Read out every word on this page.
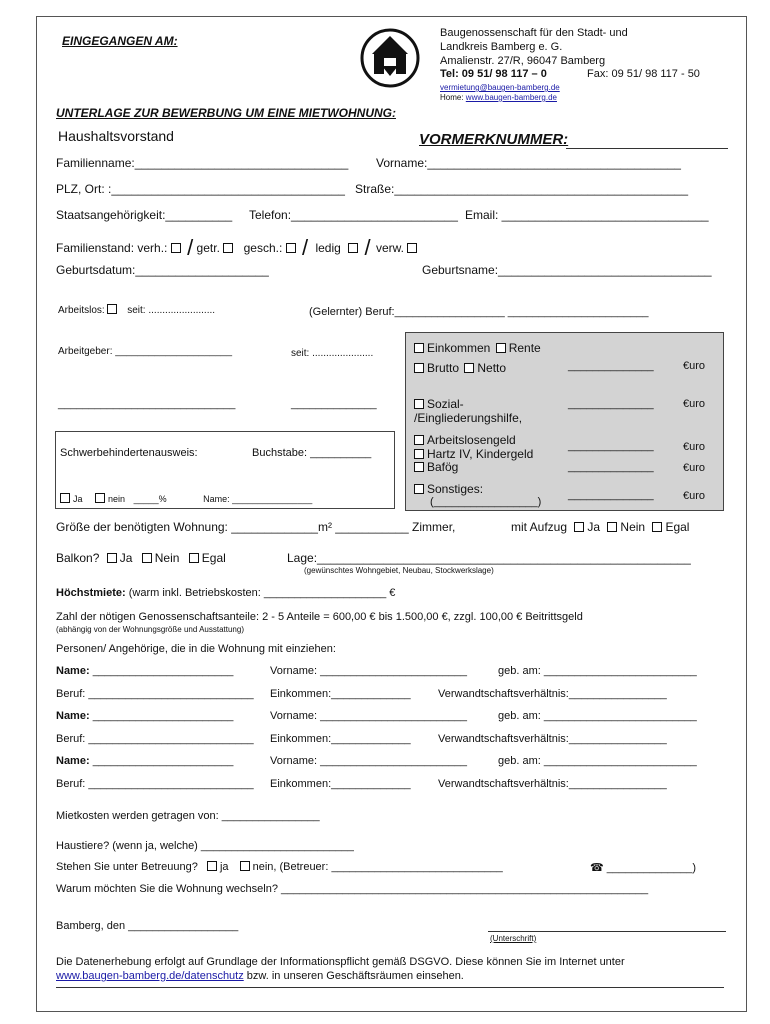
EINGEGANGEN AM:
Baugenossenschaft für den Stadt- und
Landkreis Bamberg e. G.
Amalienstr. 27/R, 96047 Bamberg
Tel: 09 51/ 98 117 – 0	Fax: 09 51/ 98 117 - 50
vermietung@baugen-bamberg.de
Home: www.baugen-bamberg.de
UNTERLAGE ZUR BEWERBUNG UM EINE MIETWOHNUNG:
Haushaltsvorstand	VORMERKNUMMER:
Familienname:________________________________ Vorname:______________________________________
PLZ, Ort: :___________________________________ Straße:____________________________________________
Staatsangehörigkeit:__________ Telefon:_________________________ Email: _______________________________
Familienstand: verh.: / getr. gesch.: / ledig / verw.
Geburtsdatum:____________________	Geburtsname:________________________________
Arbeitslos: seit: ........................	(Gelernter) Beruf:__________________ _______________________
Arbeitgeber: _____________________	seit: ......................
_____________________________	______________
Schwerbehindertenausweis:	Buchstabe: __________
Ja	nein _____%	Name: ________________
Einkommen Rente
Brutto Netto	______________	€uro
Sozial-
/Eingliederungshilfe,
______________	€uro
Arbeitslosengeld
Hartz IV, Kindergeld
Bafög
______________	€uro
______________	€uro
Sonstiges:
(_________________)
______________	€uro
Größe der benötigten Wohnung: _____________m² ___________ Zimmer,	mit Aufzug Ja Nein Egal
Balkon? Ja Nein Egal	Lage:________________________________________________________
(gewünschtes Wohngebiet, Neubau, Stockwerkslage)
Höchstmiete: (warm inkl. Betriebskosten: ____________________ €
Zahl der nötigen Genossenschaftsanteile: 2 - 5 Anteile = 600,00 € bis 1.500,00 €, zzgl. 100,00 € Beitrittsgeld
(abhängig von der Wohnungsgröße und Ausstattung)
Personen/ Angehörige, die in die Wohnung mit einziehen:
Name: _______________________	Vorname: ________________________	geb. am: _________________________
Beruf: ___________________________ Einkommen:_____________ Verwandtschaftsverhältnis:________________
Name: _______________________	Vorname: ________________________	geb. am: _________________________
Beruf: ___________________________ Einkommen:_____________ Verwandtschaftsverhältnis:________________
Name: _______________________	Vorname: ________________________	geb. am: _________________________
Beruf: ___________________________ Einkommen:_____________ Verwandtschaftsverhältnis:________________
Mietkosten werden getragen von: ________________
Haustiere? (wenn ja, welche) _________________________
Stehen Sie unter Betreuung? ja nein, (Betreuer: ____________________________	☎ ______________)
Warum möchten Sie die Wohnung wechseln? ____________________________________________________________
Bamberg, den __________________
(Unterschrift)
Die Datenerhebung erfolgt auf Grundlage der Informationspflicht gemäß DSGVO. Diese können Sie im Internet unter
www.baugen-bamberg.de/datenschutz bzw. in unseren Geschäftsräumen einsehen.
